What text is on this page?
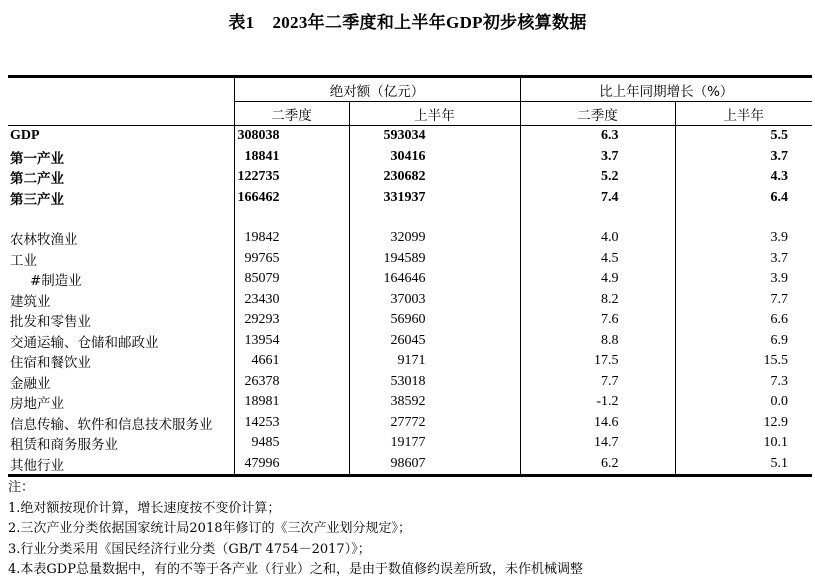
表1 2023年二季度和上半年GDP初步核算数据
	绝对额（亿元）		比上年同期增长（%）	
	二季度	上半年	二季度	上半年
GDP	308038	593034	6.3	5.5
第一产业	18841	30416	3.7	3.7
第二产业	122735	230682	5.2	4.3
第三产业	166462	331937	7.4	6.4

农林牧渔业	19842	32099	4.0	3.9
工业	99765	194589	4.5	3.7
#制造业	85079	164646	4.9	3.9
建筑业	23430	37003	8.2	7.7
批发和零售业	29293	56960	7.6	6.6
交通运输、仓储和邮政业	13954	26045	8.8	6.9
住宿和餐饮业	4661	9171	17.5	15.5
金融业	26378	53018	7.7	7.3
房地产业	18981	38592	-1.2	0.0
信息传输、软件和信息技术服务业	14253	27772	14.6	12.9
租赁和商务服务业	9485	19177	14.7	10.1
其他行业	47996	98607	6.2	5.1
注：
1.绝对额按现价计算，增长速度按不变价计算；
2.三次产业分类依据国家统计局2018年修订的《三次产业划分规定》；
3.行业分类采用《国民经济行业分类（GB/T 4754－2017）》；
4.本表GDP总量数据中，有的不等于各产业（行业）之和，是由于数值修约误差所致，未作机械调整
